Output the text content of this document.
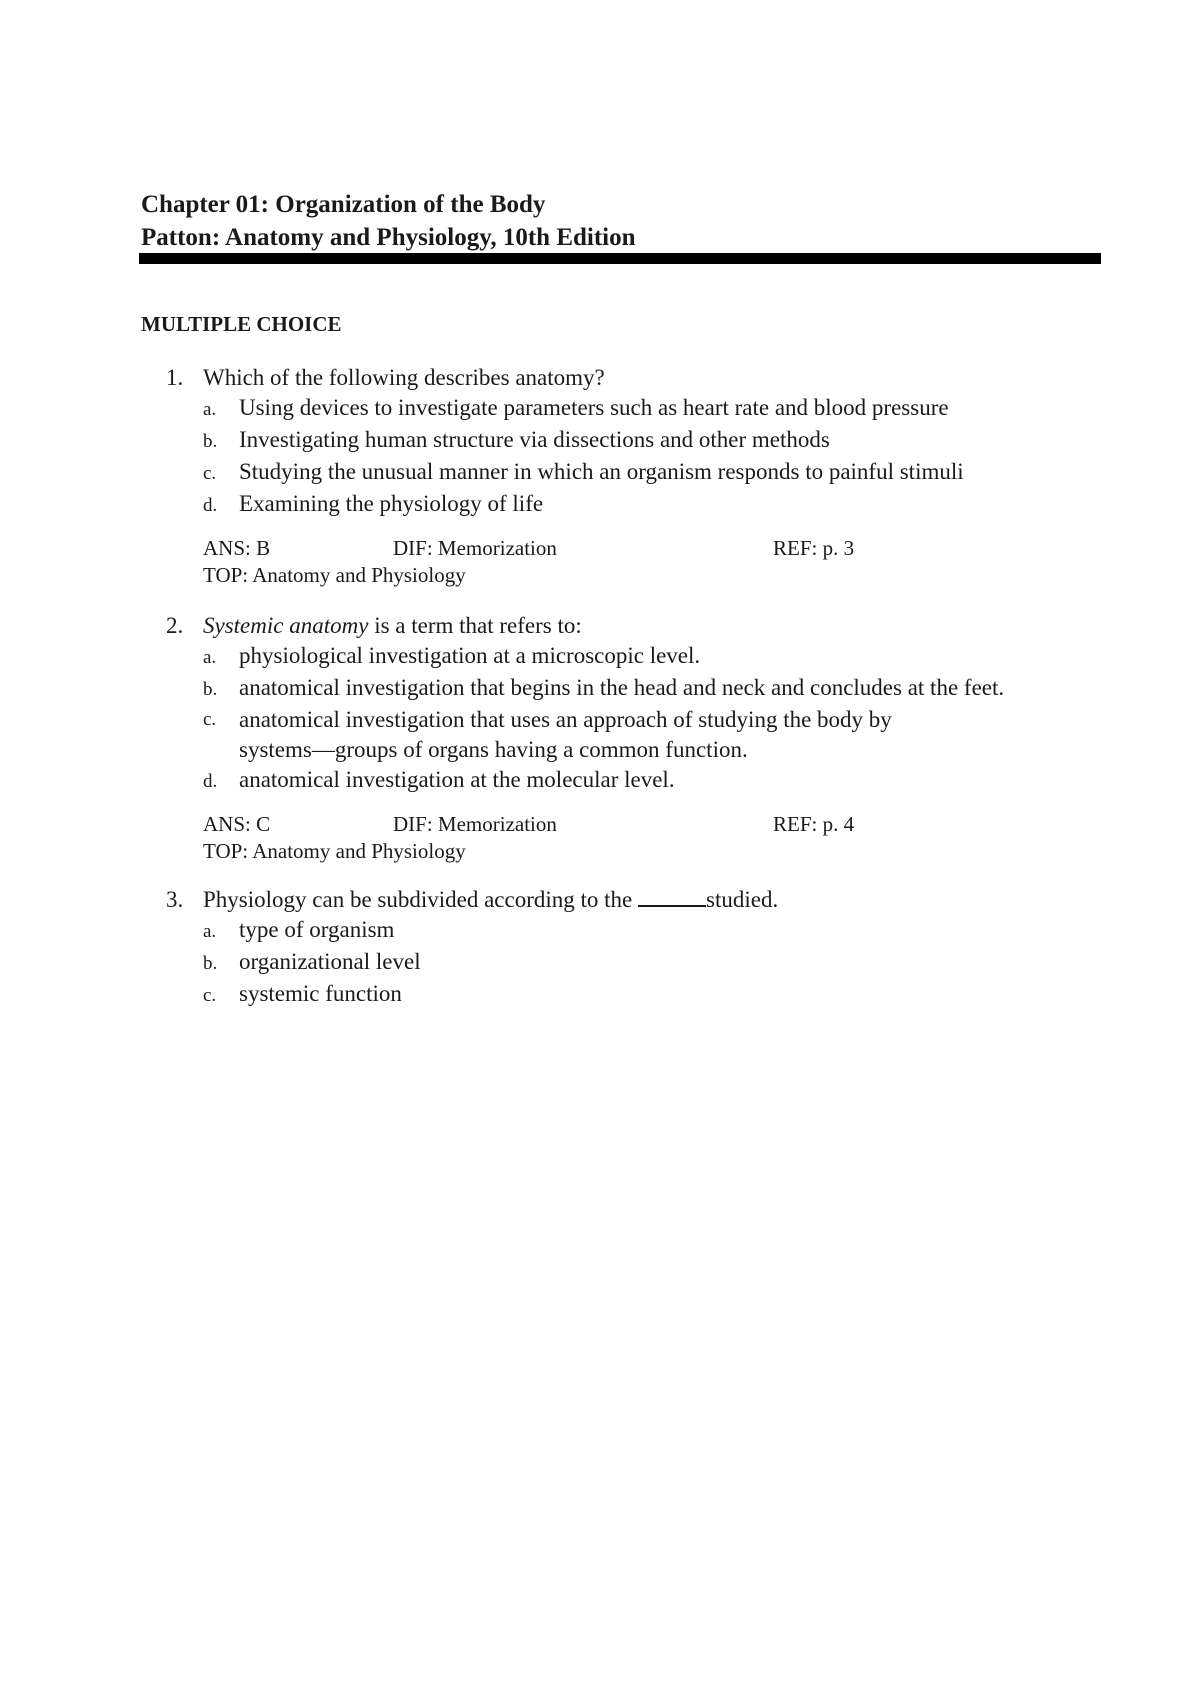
Chapter 01: Organization of the Body
Patton: Anatomy and Physiology, 10th Edition
MULTIPLE CHOICE
1. Which of the following describes anatomy?
a. Using devices to investigate parameters such as heart rate and blood pressure
b. Investigating human structure via dissections and other methods
c. Studying the unusual manner in which an organism responds to painful stimuli
d. Examining the physiology of life
ANS: B	DIF: Memorization	REF: p. 3
TOP: Anatomy and Physiology
2. Systemic anatomy is a term that refers to:
a. physiological investigation at a microscopic level.
b. anatomical investigation that begins in the head and neck and concludes at the feet.
c. anatomical investigation that uses an approach of studying the body by systems—groups of organs having a common function.
d. anatomical investigation at the molecular level.
ANS: C	DIF: Memorization	REF: p. 4
TOP: Anatomy and Physiology
3. Physiology can be subdivided according to the	studied.
a. type of organism
b. organizational level
c. systemic function
